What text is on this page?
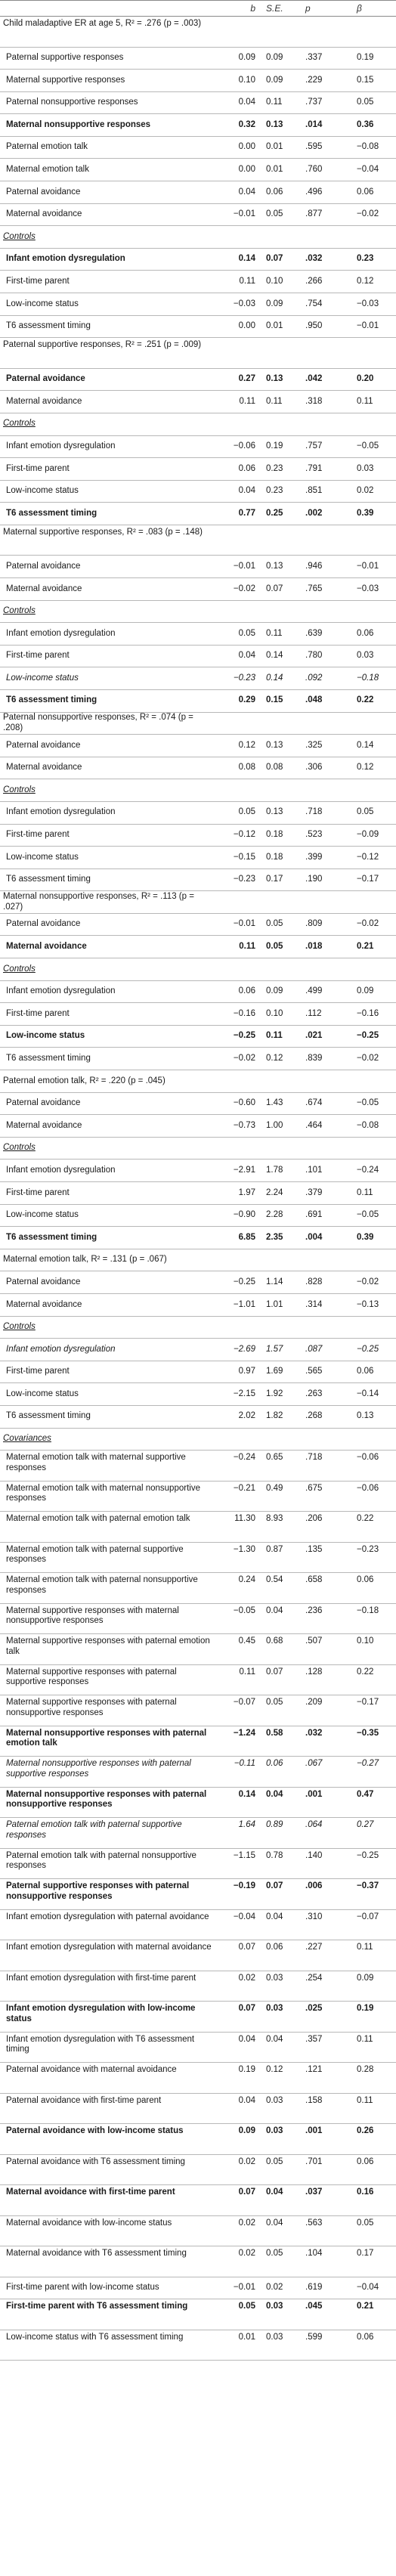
b	S.E.	p	β
Child maladaptive ER at age 5, R² = .276 (p = .003)
Paternal supportive responses	0.09	0.09	.337	0.19
Maternal supportive responses	0.10	0.09	.229	0.15
Paternal nonsupportive responses	0.04	0.11	.737	0.05
Maternal nonsupportive responses	0.32	0.13	.014	0.36
Paternal emotion talk	0.00	0.01	.595	−0.08
Maternal emotion talk	0.00	0.01	.760	−0.04
Paternal avoidance	0.04	0.06	.496	0.06
Maternal avoidance	−0.01	0.05	.877	−0.02
Controls
Infant emotion dysregulation	0.14	0.07	.032	0.23
First-time parent	0.11	0.10	.266	0.12
Low-income status	−0.03	0.09	.754	−0.03
T6 assessment timing	0.00	0.01	.950	−0.01
Paternal supportive responses, R² = .251 (p = .009)
Paternal avoidance	0.27	0.13	.042	0.20
Maternal avoidance	0.11	0.11	.318	0.11
Controls
Infant emotion dysregulation	−0.06	0.19	.757	−0.05
First-time parent	0.06	0.23	.791	0.03
Low-income status	0.04	0.23	.851	0.02
T6 assessment timing	0.77	0.25	.002	0.39
Maternal supportive responses, R² = .083 (p = .148)
Paternal avoidance	−0.01	0.13	.946	−0.01
Maternal avoidance	−0.02	0.07	.765	−0.03
Controls
Infant emotion dysregulation	0.05	0.11	.639	0.06
First-time parent	0.04	0.14	.780	0.03
Low-income status	−0.23	0.14	.092	−0.18
T6 assessment timing	0.29	0.15	.048	0.22
Paternal nonsupportive responses, R² = .074 (p = .208)
Paternal avoidance	0.12	0.13	.325	0.14
Maternal avoidance	0.08	0.08	.306	0.12
Controls
Infant emotion dysregulation	0.05	0.13	.718	0.05
First-time parent	−0.12	0.18	.523	−0.09
Low-income status	−0.15	0.18	.399	−0.12
T6 assessment timing	−0.23	0.17	.190	−0.17
Maternal nonsupportive responses, R² = .113 (p = .027)
Paternal avoidance	−0.01	0.05	.809	−0.02
Maternal avoidance	0.11	0.05	.018	0.21
Controls
Infant emotion dysregulation	0.06	0.09	.499	0.09
First-time parent	−0.16	0.10	.112	−0.16
Low-income status	−0.25	0.11	.021	−0.25
T6 assessment timing	−0.02	0.12	.839	−0.02
Paternal emotion talk, R² = .220 (p = .045)
Paternal avoidance	−0.60	1.43	.674	−0.05
Maternal avoidance	−0.73	1.00	.464	−0.08
Controls
Infant emotion dysregulation	−2.91	1.78	.101	−0.24
First-time parent	1.97	2.24	.379	0.11
Low-income status	−0.90	2.28	.691	−0.05
T6 assessment timing	6.85	2.35	.004	0.39
Maternal emotion talk, R² = .131 (p = .067)
Paternal avoidance	−0.25	1.14	.828	−0.02
Maternal avoidance	−1.01	1.01	.314	−0.13
Controls
Infant emotion dysregulation	−2.69	1.57	.087	−0.25
First-time parent	0.97	1.69	.565	0.06
Low-income status	−2.15	1.92	.263	−0.14
T6 assessment timing	2.02	1.82	.268	0.13
Covariances
Maternal emotion talk with maternal supportive responses
−0.24	0.65	.718	−0.06
Maternal emotion talk with maternal nonsupportive responses
−0.21	0.49	.675	−0.06
Maternal emotion talk with paternal emotion talk	11.30	8.93	.206	0.22
Maternal emotion talk with paternal supportive responses
−1.30	0.87	.135	−0.23
Maternal emotion talk with paternal nonsupportive responses
0.24	0.54	.658	0.06
Maternal supportive responses with maternal nonsupportive responses
−0.05	0.04	.236	−0.18
Maternal supportive responses with paternal emotion talk
0.45	0.68	.507	0.10
Maternal supportive responses with paternal supportive responses
0.11	0.07	.128	0.22
Maternal supportive responses with paternal nonsupportive responses
−0.07	0.05	.209	−0.17
Maternal nonsupportive responses with paternal emotion talk
−1.24	0.58	.032	−0.35
Maternal nonsupportive responses with paternal supportive responses
−0.11	0.06	.067	−0.27
Maternal nonsupportive responses with paternal nonsupportive responses
0.14	0.04	.001	0.47
Paternal emotion talk with paternal supportive responses
1.64	0.89	.064	0.27
Paternal emotion talk with paternal nonsupportive responses
−1.15	0.78	.140	−0.25
Paternal supportive responses with paternal nonsupportive responses
−0.19	0.07	.006	−0.37
Infant emotion dysregulation with paternal avoidance	−0.04	0.04	.310	−0.07
Infant emotion dysregulation with maternal avoidance	0.07	0.06	.227	0.11
Infant emotion dysregulation with first-time parent	0.02	0.03	.254	0.09
Infant emotion dysregulation with low-income status
0.07	0.03	.025	0.19
Infant emotion dysregulation with T6 assessment timing
0.04	0.04	.357	0.11
Paternal avoidance with maternal avoidance	0.19	0.12	.121	0.28
Paternal avoidance with first-time parent	0.04	0.03	.158	0.11
Paternal avoidance with low-income status	0.09	0.03	.001	0.26
Paternal avoidance with T6 assessment timing	0.02	0.05	.701	0.06
Maternal avoidance with first-time parent	0.07	0.04	.037	0.16
Maternal avoidance with low-income status	0.02	0.04	.563	0.05
Maternal avoidance with T6 assessment timing	0.02	0.05	.104	0.17
First-time parent with low-income status	−0.01	0.02	.619	−0.04
First-time parent with T6 assessment timing	0.05	0.03	.045	0.21
Low-income status with T6 assessment timing	0.01	0.03	.599	0.06
